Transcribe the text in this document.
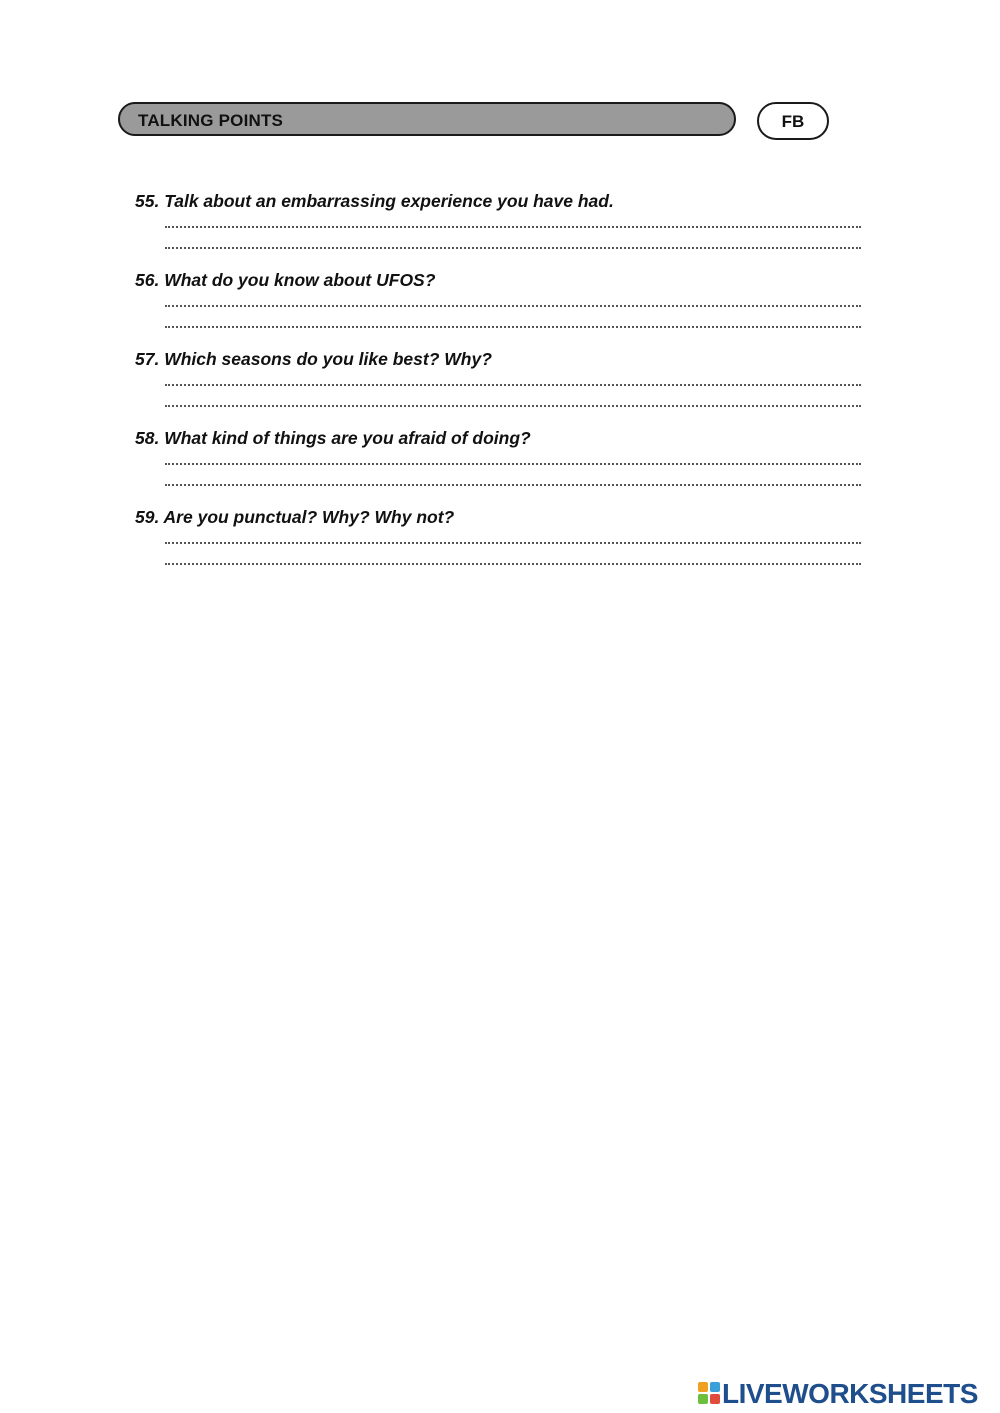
TALKING POINTS	FB
55. Talk about an embarrassing experience you have had.
56. What do you know about UFOS?
57. Which seasons do you like best? Why?
58. What kind of things are you afraid of doing?
59. Are you punctual? Why? Why not?
LIVEWORKSHEETS
